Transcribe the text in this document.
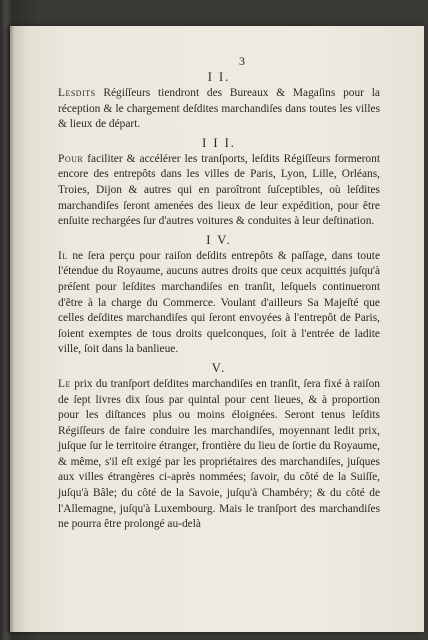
3
I I.

Lesdits Régiſſeurs tiendront des Bureaux & Magaſins pour la réception & le chargement deſdites marchandiſes dans toutes les villes & lieux de départ.

I I I.

Pour faciliter & accélérer les tranſports, leſdits Régiſſeurs formeront encore des entrepôts dans les villes de Paris, Lyon, Lille, Orléans, Troies, Dijon & autres qui en paroîtront ſuſceptibles, où leſdites marchandiſes ſeront amenées des lieux de leur expédition, pour être enſuite rechargées ſur d'autres voitures & conduites à leur deſtination.

I V.

Il ne ſera perçu pour raiſon deſdits entrepôts & paſſage, dans toute l'étendue du Royaume, aucuns autres droits que ceux acquittés juſqu'à préſent pour leſdites marchandiſes en tranſit, leſquels continueront d'être à la charge du Commerce. Voulant d'ailleurs Sa Majeſté que celles deſdites marchandiſes qui ſeront envoyées à l'entrepôt de Paris, ſoient exemptes de tous droits quelconques, ſoit à l'entrée de ladite ville, ſoit dans la banlieue.

V.

Le prix du tranſport deſdites marchandiſes en tranſit, ſera fixé à raiſon de ſept livres dix ſous par quintal pour cent lieues, & à proportion pour les diſtances plus ou moins éloignées. Seront tenus leſdits Régiſſeurs de faire conduire les marchandiſes, moyennant ledit prix, juſque ſur le territoire étranger, frontière du lieu de ſortie du Royaume, & même, s'il eſt exigé par les propriétaires des marchandiſes, juſques aux villes étrangères ci-après nommées; ſavoir, du côté de la Suiſſe, juſqu'à Bâle; du côté de la Savoie, juſqu'à Chambéry; & du côté de l'Allemagne, juſqu'à Luxembourg. Mais le tranſport des marchandiſes ne pourra être prolongé au-delà
